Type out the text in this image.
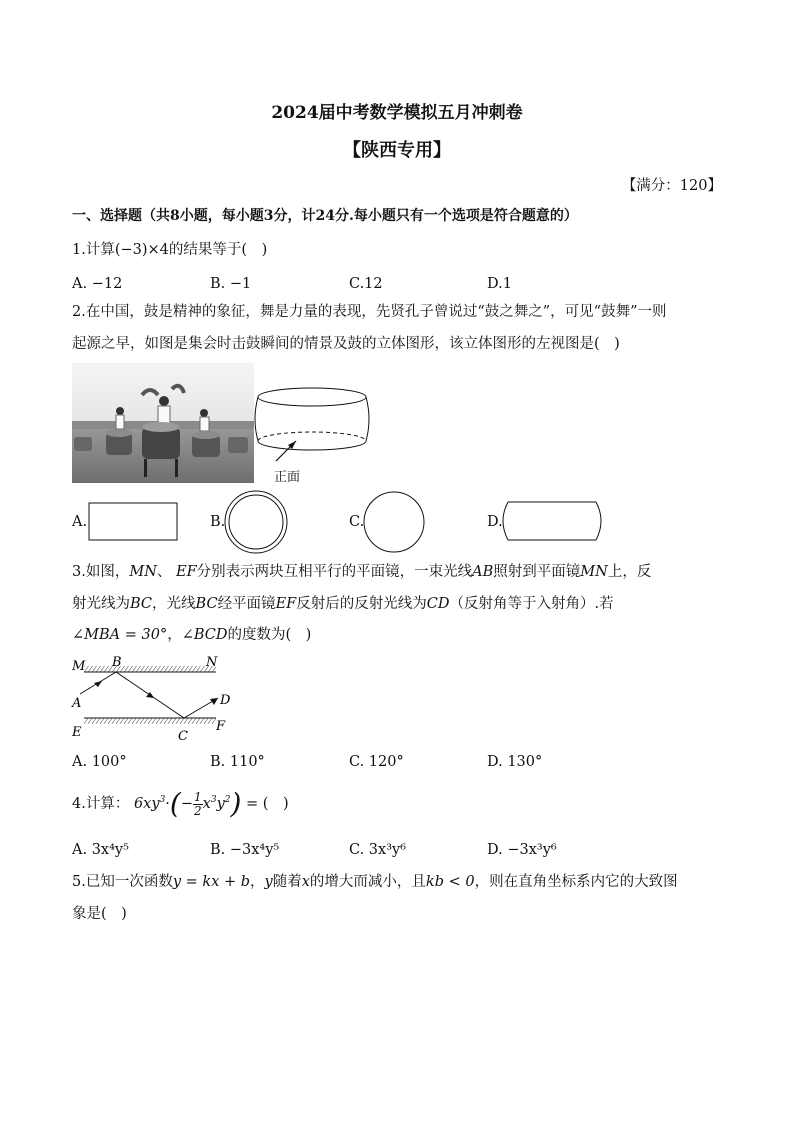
2024届中考数学模拟五月冲刺卷
【陕西专用】
【满分：120】
一、选择题（共8小题，每小题3分，计24分.每小题只有一个选项是符合题意的）
1.计算(−3)×4的结果等于(　)
A. −12	B. −1	C.12	D.1
2.在中国，鼓是精神的象征，舞是力量的表现，先贤孔子曾说过“鼓之舞之”，可见“鼓舞”一则
起源之早，如图是集会时击鼓瞬间的情景及鼓的立体图形，该立体图形的左视图是(　)
正面
A.	B.	C.	D.
3.如图，MN、 EF分别表示两块互相平行的平面镜，一束光线AB照射到平面镜MN上，反
射光线为BC，光线BC经平面镜EF反射后的反射光线为CD（反射角等于入射角）.若
∠MBA = 30°，∠BCD的度数为(　)
M B	N
A	D
E	C
F
A. 100°	B. 110°	C. 120°	D. 130°
4.计算： $6xy^3\cdot(- \frac{1}{2} x^3y^2)$ = (　)
A. 3x⁴y⁵	B. −3x⁴y⁵	C. 3x³y⁶	D. −3x³y⁶
5.已知一次函数y = kx + b，y随着x的增大而减小，且kb < 0，则在直角坐标系内它的大致图
象是(　)
